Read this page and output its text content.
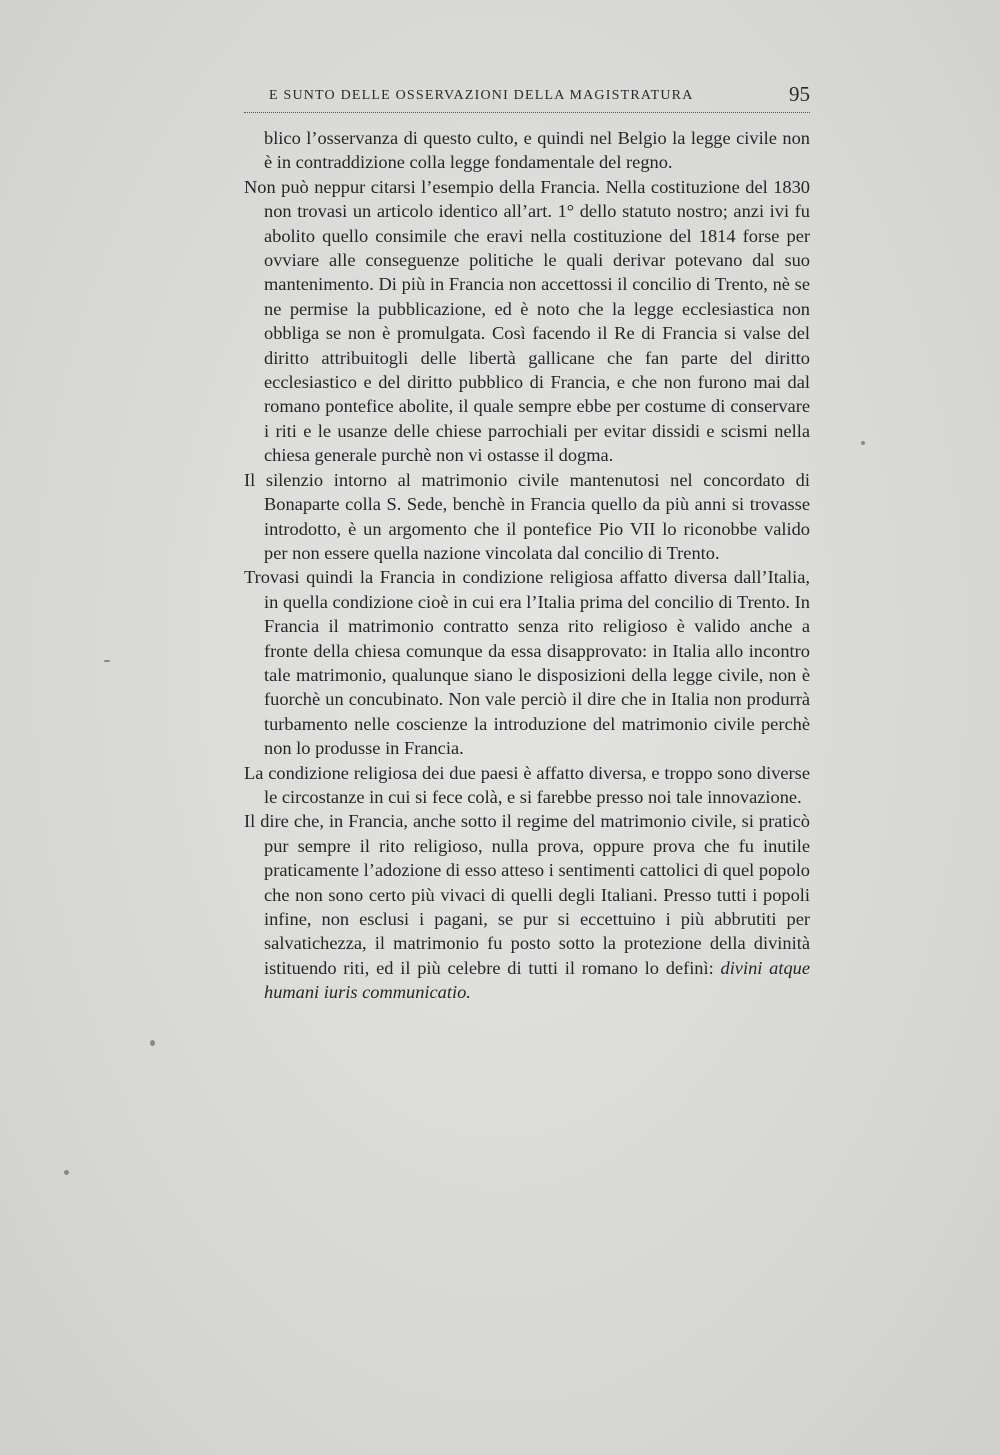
E SUNTO DELLE OSSERVAZIONI DELLA MAGISTRATURA	95

blico l’osservanza di questo culto, e quindi nel Belgio la legge civile non è in contraddizione colla legge fondamentale del regno.

Non può neppur citarsi l’esempio della Francia. Nella costituzione del 1830 non trovasi un articolo identico all’art. 1° dello statuto nostro; anzi ivi fu abolito quello consimile che eravi nella costituzione del 1814 forse per ovviare alle conseguenze politiche le quali derivar potevano dal suo mantenimento. Di più in Francia non accettossi il concilio di Trento, nè se ne permise la pubblicazione, ed è noto che la legge ecclesiastica non obbliga se non è promulgata. Così facendo il Re di Francia si valse del diritto attribuitogli delle libertà gallicane che fan parte del diritto ecclesiastico e del diritto pubblico di Francia, e che non furono mai dal romano pontefice abolite, il quale sempre ebbe per costume di conservare i riti e le usanze delle chiese parrochiali per evitar dissidi e scismi nella chiesa generale purchè non vi ostasse il dogma.

Il silenzio intorno al matrimonio civile mantenutosi nel concordato di Bonaparte colla S. Sede, benchè in Francia quello da più anni si trovasse introdotto, è un argomento che il pontefice Pio VII lo riconobbe valido per non essere quella nazione vincolata dal concilio di Trento.

Trovasi quindi la Francia in condizione religiosa affatto diversa dall’Italia, in quella condizione cioè in cui era l’Italia prima del concilio di Trento. In Francia il matrimonio contratto senza rito religioso è valido anche a fronte della chiesa comunque da essa disapprovato: in Italia allo incontro tale matrimonio, qualunque siano le disposizioni della legge civile, non è fuorchè un concubinato. Non vale perciò il dire che in Italia non produrrà turbamento nelle coscienze la introduzione del matrimonio civile perchè non lo produsse in Francia.

La condizione religiosa dei due paesi è affatto diversa, e troppo sono diverse le circostanze in cui si fece colà, e si farebbe presso noi tale innovazione.

Il dire che, in Francia, anche sotto il regime del matrimonio civile, si praticò pur sempre il rito religioso, nulla prova, oppure prova che fu inutile praticamente l’adozione di esso atteso i sentimenti cattolici di quel popolo che non sono certo più vivaci di quelli degli Italiani. Presso tutti i popoli infine, non esclusi i pagani, se pur si eccettuino i più abbrutiti per salvatichezza, il matrimonio fu posto sotto la protezione della divinità istituendo riti, ed il più celebre di tutti il romano lo definì: divini atque humani iuris communicatio.
